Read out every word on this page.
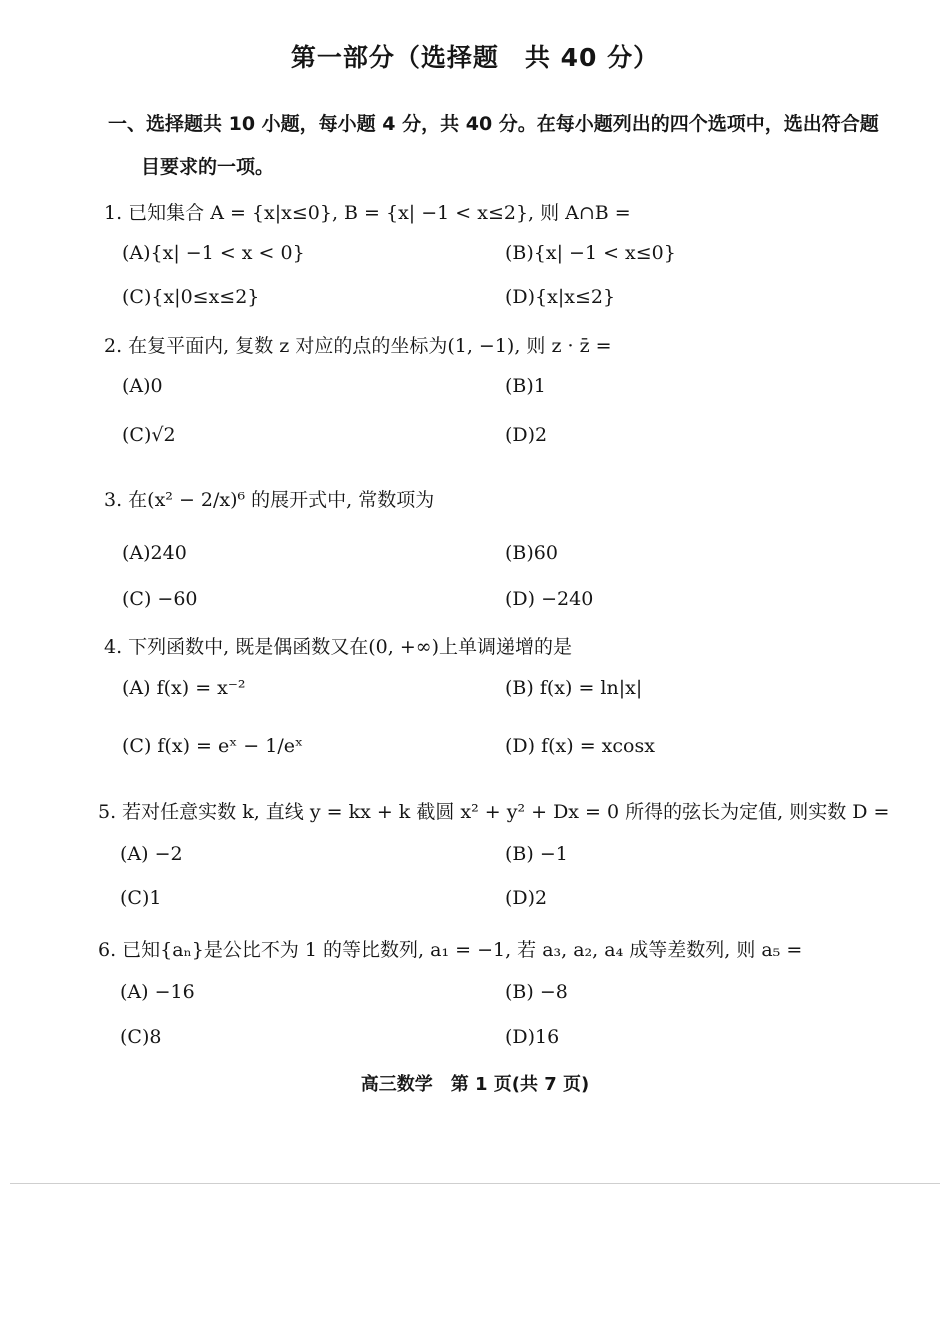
第一部分（选择题　共 40 分）
一、选择题共 10 小题，每小题 4 分，共 40 分。在每小题列出的四个选项中，选出符合题
目要求的一项。
1. 已知集合 A = {x|x≤0}, B = {x| −1 < x≤2}, 则 A∩B =
(A){x| −1 < x < 0}	(B){x| −1 < x≤0}
(C){x|0≤x≤2}	(D){x|x≤2}
2. 在复平面内, 复数 z 对应的点的坐标为(1, −1), 则 z · z̄ =
(A)0	(B)1
(C)√2	(D)2
3. 在(x² − 2/x)⁶ 的展开式中, 常数项为
(A)240	(B)60
(C) −60	(D) −240
4. 下列函数中, 既是偶函数又在(0, +∞)上单调递增的是
(A) f(x) = x⁻²	(B) f(x) = ln|x|
(C) f(x) = eˣ − 1/eˣ	(D) f(x) = xcosx
5. 若对任意实数 k, 直线 y = kx + k 截圆 x² + y² + Dx = 0 所得的弦长为定值, 则实数 D =
(A) −2	(B) −1
(C)1	(D)2
6. 已知{aₙ}是公比不为 1 的等比数列, a₁ = −1, 若 a₃, a₂, a₄ 成等差数列, 则 a₅ =
(A) −16	(B) −8
(C)8	(D)16
高三数学　第 1 页(共 7 页)
